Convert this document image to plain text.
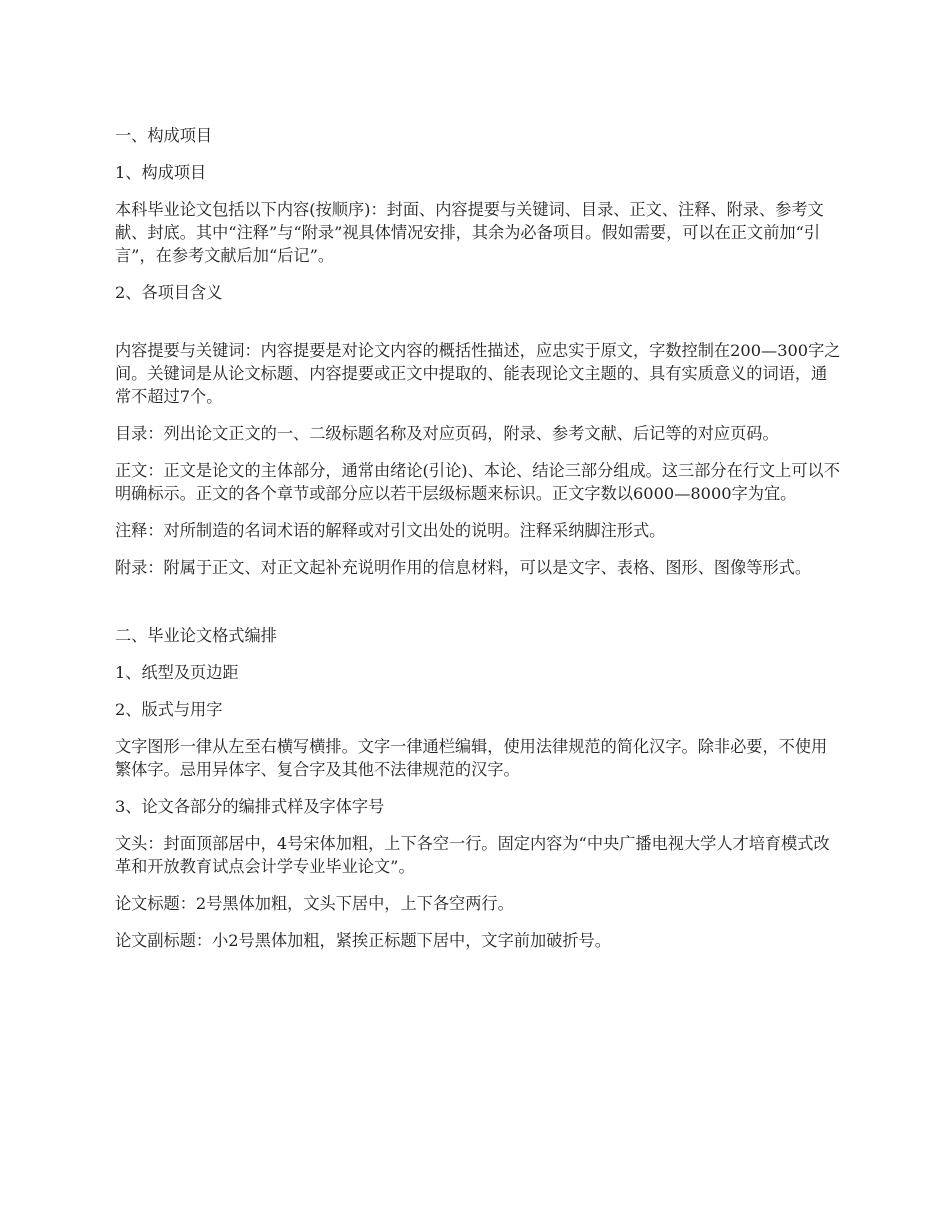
一、构成项目

1、构成项目

本科毕业论文包括以下内容(按顺序)：封面、内容提要与关键词、目录、正文、注释、附录、参考文献、封底。其中“注释”与“附录”视具体情况安排，其余为必备项目。假如需要，可以在正文前加“引言”，在参考文献后加“后记”。

2、各项目含义

内容提要与关键词：内容提要是对论文内容的概括性描述，应忠实于原文，字数控制在200—300字之间。关键词是从论文标题、内容提要或正文中提取的、能表现论文主题的、具有实质意义的词语，通常不超过7个。

目录：列出论文正文的一、二级标题名称及对应页码，附录、参考文献、后记等的对应页码。

正文：正文是论文的主体部分，通常由绪论(引论)、本论、结论三部分组成。这三部分在行文上可以不明确标示。正文的各个章节或部分应以若干层级标题来标识。正文字数以6000—8000字为宜。

注释：对所制造的名词术语的解释或对引文出处的说明。注释采纳脚注形式。

附录：附属于正文、对正文起补充说明作用的信息材料，可以是文字、表格、图形、图像等形式。

二、毕业论文格式编排

1、纸型及页边距

2、版式与用字

文字图形一律从左至右横写横排。文字一律通栏编辑，使用法律规范的简化汉字。除非必要，不使用繁体字。忌用异体字、复合字及其他不法律规范的汉字。

3、论文各部分的编排式样及字体字号

文头：封面顶部居中，4号宋体加粗，上下各空一行。固定内容为“中央广播电视大学人才培育模式改革和开放教育试点会计学专业毕业论文”。

论文标题：2号黑体加粗，文头下居中，上下各空两行。

论文副标题：小2号黑体加粗，紧挨正标题下居中，文字前加破折号。
